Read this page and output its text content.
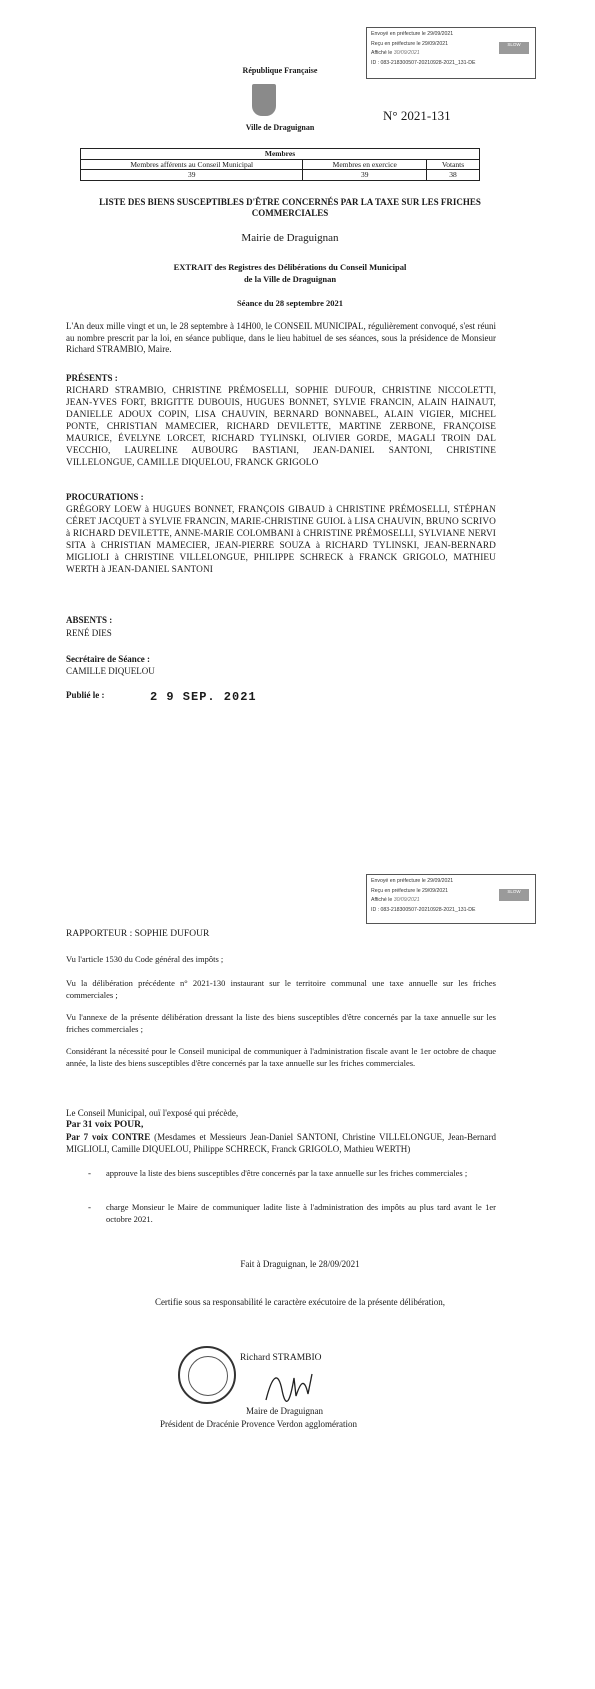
Envoyé en préfecture le 29/09/2021
Reçu en préfecture le 29/09/2021
Affiché le 30/09/2021
ID : 083-218300507-20210928-2021_131-DE
SLOW
République Française
Ville de Draguignan
N° 2021-131
Membres		
Membres afférents au Conseil Municipal	Membres en exercice	Votants
39	39	38
LISTE DES BIENS SUSCEPTIBLES D'ÊTRE CONCERNÉS PAR LA TAXE SUR LES FRICHES COMMERCIALES
Mairie de Draguignan
EXTRAIT des Registres des Délibérations du Conseil Municipal
de la Ville de Draguignan
Séance du 28 septembre 2021
L'An deux mille vingt et un, le 28 septembre à 14H00, le CONSEIL MUNICIPAL, régulièrement convoqué, s'est réuni au nombre prescrit par la loi, en séance publique, dans le lieu habituel de ses séances, sous la présidence de Monsieur Richard STRAMBIO, Maire.
PRÉSENTS :
RICHARD STRAMBIO, CHRISTINE PRÉMOSELLI, SOPHIE DUFOUR, CHRISTINE NICCOLETTI, JEAN-YVES FORT, BRIGITTE DUBOUIS, HUGUES BONNET, SYLVIE FRANCIN, ALAIN HAINAUT, DANIELLE ADOUX COPIN, LISA CHAUVIN, BERNARD BONNABEL, ALAIN VIGIER, MICHEL PONTE, CHRISTIAN MAMECIER, RICHARD DEVILETTE, MARTINE ZERBONE, FRANÇOISE MAURICE, ÉVELYNE LORCET, RICHARD TYLINSKI, OLIVIER GORDE, MAGALI TROIN DAL VECCHIO, LAURELINE AUBOURG BASTIANI, JEAN-DANIEL SANTONI, CHRISTINE VILLELONGUE, CAMILLE DIQUELOU, FRANCK GRIGOLO
PROCURATIONS :
GRÉGORY LOEW à HUGUES BONNET, FRANÇOIS GIBAUD à CHRISTINE PRÉMOSELLI, STÉPHAN CÉRET JACQUET à SYLVIE FRANCIN, MARIE-CHRISTINE GUIOL à LISA CHAUVIN, BRUNO SCRIVO à RICHARD DEVILETTE, ANNE-MARIE COLOMBANI à CHRISTINE PRÉMOSELLI, SYLVIANE NERVI SITA à CHRISTIAN MAMECIER, JEAN-PIERRE SOUZA à RICHARD TYLINSKI, JEAN-BERNARD MIGLIOLI à CHRISTINE VILLELONGUE, PHILIPPE SCHRECK à FRANCK GRIGOLO, MATHIEU WERTH à JEAN-DANIEL SANTONI
ABSENTS :
RENÉ DIES
Secrétaire de Séance :
CAMILLE DIQUELOU
Publié le :	2 9 SEP. 2021
Envoyé en préfecture le 29/09/2021
Reçu en préfecture le 29/09/2021
Affiché le 30/09/2021
ID : 083-218300507-20210928-2021_131-DE
SLOW
RAPPORTEUR : SOPHIE DUFOUR
Vu l'article 1530 du Code général des impôts ;
Vu la délibération précédente n° 2021-130 instaurant sur le territoire communal une taxe annuelle sur les friches commerciales ;
Vu l'annexe de la présente délibération dressant la liste des biens susceptibles d'être concernés par la taxe annuelle sur les friches commerciales ;
Considérant la nécessité pour le Conseil municipal de communiquer à l'administration fiscale avant le 1er octobre de chaque année, la liste des biens susceptibles d'être concernés par la taxe annuelle sur les friches commerciales.
Le Conseil Municipal, ouï l'exposé qui précède,
Par 31 voix POUR,
Par 7 voix CONTRE (Mesdames et Messieurs Jean-Daniel SANTONI, Christine VILLELONGUE, Jean-Bernard MIGLIOLI, Camille DIQUELOU, Philippe SCHRECK, Franck GRIGOLO, Mathieu WERTH)
- approuve la liste des biens susceptibles d'être concernés par la taxe annuelle sur les friches commerciales ;
- charge Monsieur le Maire de communiquer ladite liste à l'administration des impôts au plus tard avant le 1er octobre 2021.
Fait à Draguignan, le 28/09/2021
Certifie sous sa responsabilité le caractère exécutoire de la présente délibération,
Richard STRAMBIO
Maire de Draguignan
Président de Dracénie Provence Verdon agglomération
